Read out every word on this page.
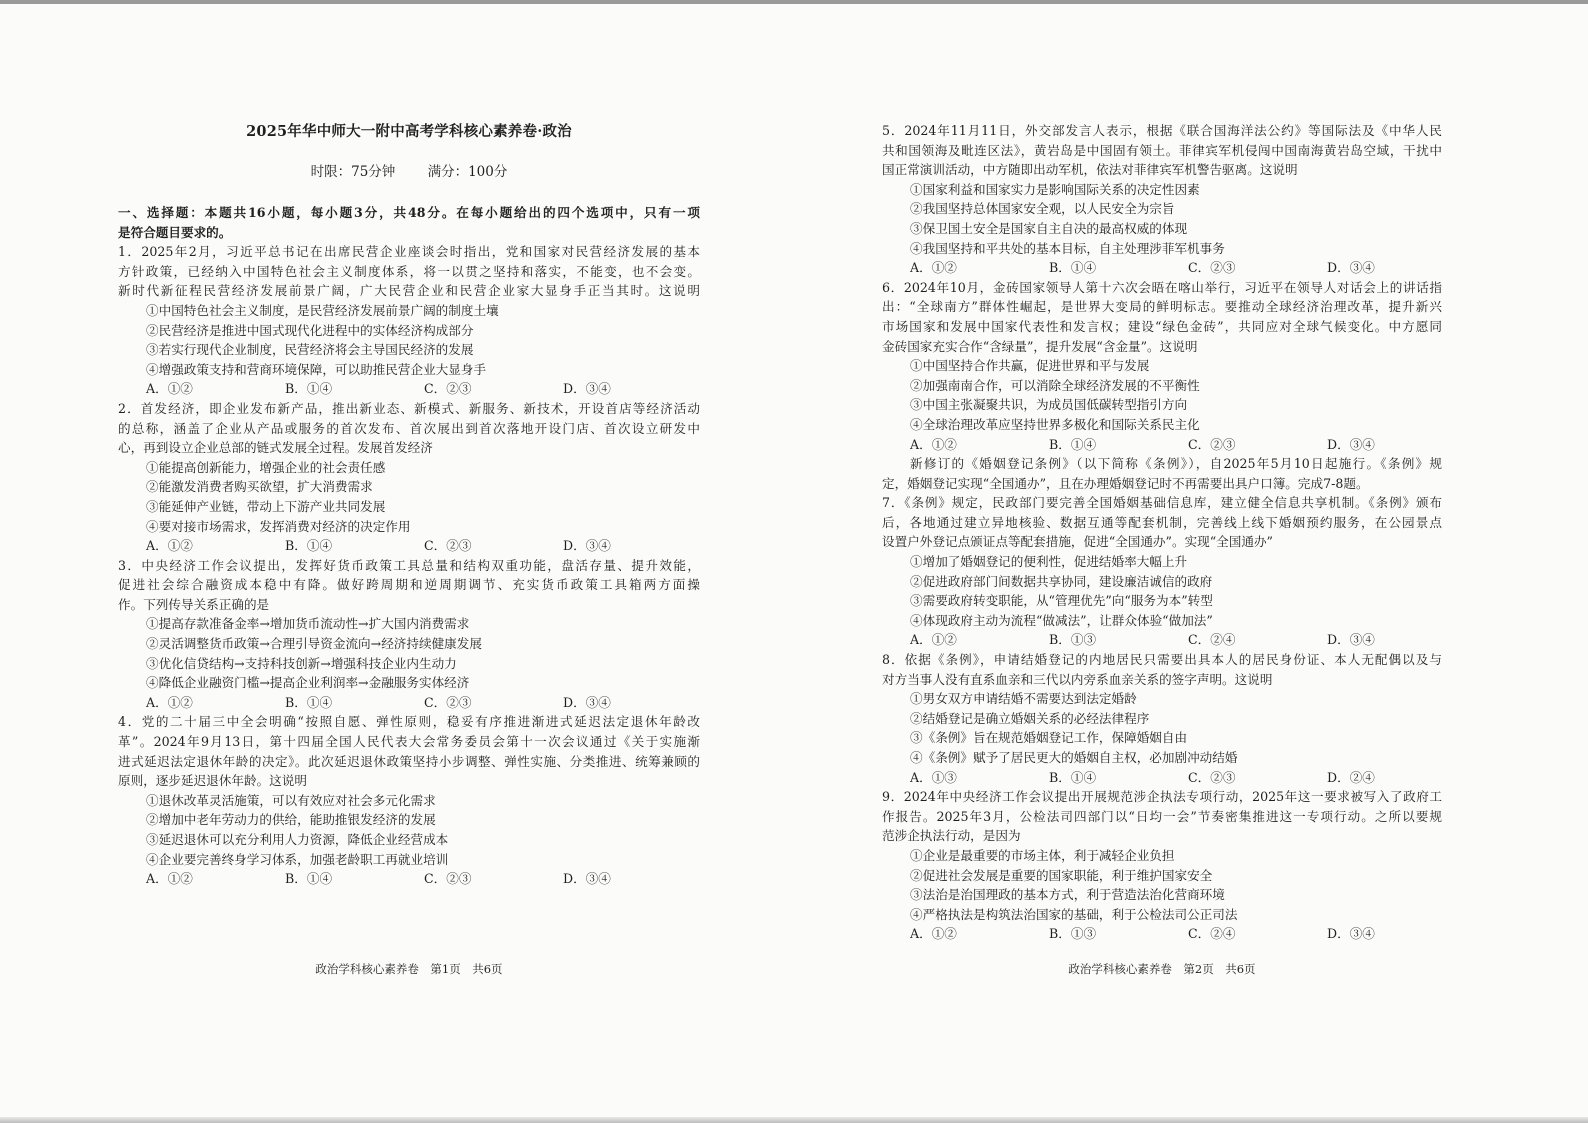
2025年华中师大一附中高考学科核心素养卷·政治
时限：75分钟 满分：100分
一、选择题：本题共16小题，每小题3分，共48分。在每小题给出的四个选项中，只有一项
是符合题目要求的。
1．2025年2月，习近平总书记在出席民营企业座谈会时指出，党和国家对民营经济发展的基本
方针政策，已经纳入中国特色社会主义制度体系，将一以贯之坚持和落实，不能变，也不会变。
新时代新征程民营经济发展前景广阔，广大民营企业和民营企业家大显身手正当其时。这说明
①中国特色社会主义制度，是民营经济发展前景广阔的制度土壤
②民营经济是推进中国式现代化进程中的实体经济构成部分
③若实行现代企业制度，民营经济将会主导国民经济的发展
④增强政策支持和营商环境保障，可以助推民营企业大显身手
A．①②	B．①④	C．②③	D．③④
2．首发经济，即企业发布新产品，推出新业态、新模式、新服务、新技术，开设首店等经济活动
的总称，涵盖了企业从产品或服务的首次发布、首次展出到首次落地开设门店、首次设立研发中
心，再到设立企业总部的链式发展全过程。发展首发经济
①能提高创新能力，增强企业的社会责任感
②能激发消费者购买欲望，扩大消费需求
③能延伸产业链，带动上下游产业共同发展
④要对接市场需求，发挥消费对经济的决定作用
A．①②	B．①④	C．②③	D．③④
3．中央经济工作会议提出，发挥好货币政策工具总量和结构双重功能，盘活存量、提升效能，
促进社会综合融资成本稳中有降。做好跨周期和逆周期调节、充实货币政策工具箱两方面操
作。下列传导关系正确的是
①提高存款准备金率→增加货币流动性→扩大国内消费需求
②灵活调整货币政策→合理引导资金流向→经济持续健康发展
③优化信贷结构→支持科技创新→增强科技企业内生动力
④降低企业融资门槛→提高企业利润率→金融服务实体经济
A．①②	B．①④	C．②③	D．③④
4．党的二十届三中全会明确“按照自愿、弹性原则，稳妥有序推进渐进式延迟法定退休年龄改
革”。2024年9月13日，第十四届全国人民代表大会常务委员会第十一次会议通过《关于实施渐
进式延迟法定退休年龄的决定》。此次延迟退休政策坚持小步调整、弹性实施、分类推进、统筹兼顾的
原则，逐步延迟退休年龄。这说明
①退休改革灵活施策，可以有效应对社会多元化需求
②增加中老年劳动力的供给，能助推银发经济的发展
③延迟退休可以充分利用人力资源，降低企业经营成本
④企业要完善终身学习体系，加强老龄职工再就业培训
A．①②	B．①④	C．②③	D．③④
政治学科核心素养卷　第1页　共6页
5．2024年11月11日，外交部发言人表示，根据《联合国海洋法公约》等国际法及《中华人民
共和国领海及毗连区法》，黄岩岛是中国固有领土。菲律宾军机侵闯中国南海黄岩岛空域，干扰中
国正常演训活动，中方随即出动军机，依法对菲律宾军机警告驱离。这说明
①国家利益和国家实力是影响国际关系的决定性因素
②我国坚持总体国家安全观，以人民安全为宗旨
③保卫国土安全是国家自主自决的最高权威的体现
④我国坚持和平共处的基本目标，自主处理涉菲军机事务
A．①②	B．①④	C．②③	D．③④
6．2024年10月，金砖国家领导人第十六次会晤在喀山举行，习近平在领导人对话会上的讲话指
出：“全球南方”群体性崛起，是世界大变局的鲜明标志。要推动全球经济治理改革，提升新兴
市场国家和发展中国家代表性和发言权；建设“绿色金砖”，共同应对全球气候变化。中方愿同
金砖国家充实合作“含绿量”，提升发展“含金量”。这说明
①中国坚持合作共赢，促进世界和平与发展
②加强南南合作，可以消除全球经济发展的不平衡性
③中国主张凝聚共识，为成员国低碳转型指引方向
④全球治理改革应坚持世界多极化和国际关系民主化
A．①②	B．①④	C．②③	D．③④
新修订的《婚姻登记条例》（以下简称《条例》），自2025年5月10日起施行。《条例》规
定，婚姻登记实现“全国通办”，且在办理婚姻登记时不再需要出具户口簿。完成7-8题。
7．《条例》规定，民政部门要完善全国婚姻基础信息库，建立健全信息共享机制。《条例》颁布
后，各地通过建立异地核验、数据互通等配套机制，完善线上线下婚姻预约服务，在公园景点
设置户外登记点颁证点等配套措施，促进“全国通办”。实现“全国通办”
①增加了婚姻登记的便利性，促进结婚率大幅上升
②促进政府部门间数据共享协同，建设廉洁诚信的政府
③需要政府转变职能，从“管理优先”向“服务为本”转型
④体现政府主动为流程“做减法”，让群众体验“做加法”
A．①②	B．①③	C．②④	D．③④
8．依据《条例》，申请结婚登记的内地居民只需要出具本人的居民身份证、本人无配偶以及与
对方当事人没有直系血亲和三代以内旁系血亲关系的签字声明。这说明
①男女双方申请结婚不需要达到法定婚龄
②结婚登记是确立婚姻关系的必经法律程序
③《条例》旨在规范婚姻登记工作，保障婚姻自由
④《条例》赋予了居民更大的婚姻自主权，必加剧冲动结婚
A．①③	B．①④	C．②③	D．②④
9．2024年中央经济工作会议提出开展规范涉企执法专项行动，2025年这一要求被写入了政府工
作报告。2025年3月，公检法司四部门以“日均一会”节奏密集推进这一专项行动。之所以要规
范涉企执法行动，是因为
①企业是最重要的市场主体，利于减轻企业负担
②促进社会发展是重要的国家职能，利于维护国家安全
③法治是治国理政的基本方式，利于营造法治化营商环境
④严格执法是构筑法治国家的基础，利于公检法司公正司法
A．①②	B．①③	C．②④	D．③④
政治学科核心素养卷　第2页　共6页
